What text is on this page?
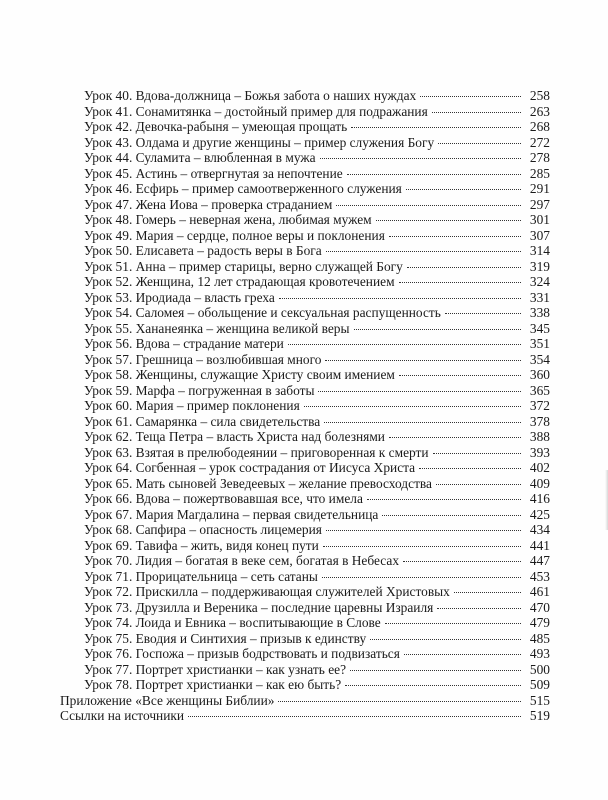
Урок 40. Вдова-должница – Божья забота о наших нуждах	258
Урок 41. Сонамитянка – достойный пример для подражания	263
Урок 42. Девочка-рабыня – умеющая прощать	268
Урок 43. Олдама и другие женщины – пример служения Богу	272
Урок 44. Суламита – влюбленная в мужа	278
Урок 45. Астинь – отвергнутая за непочтение	285
Урок 46. Есфирь – пример самоотверженного служения	291
Урок 47. Жена Иова – проверка страданием	297
Урок 48. Гомерь – неверная жена, любимая мужем	301
Урок 49. Мария – сердце, полное веры и поклонения	307
Урок 50. Елисавета – радость веры в Бога	314
Урок 51. Анна – пример старицы, верно служащей Богу	319
Урок 52. Женщина, 12 лет страдающая кровотечением	324
Урок 53. Иродиада – власть греха	331
Урок 54. Саломея – обольщение и сексуальная распущенность	338
Урок 55. Хананеянка – женщина великой веры	345
Урок 56. Вдова – страдание матери	351
Урок 57. Грешница – возлюбившая много	354
Урок 58. Женщины, служащие Христу своим имением	360
Урок 59. Марфа – погруженная в заботы	365
Урок 60. Мария – пример поклонения	372
Урок 61. Самарянка – сила свидетельства	378
Урок 62. Теща Петра – власть Христа над болезнями	388
Урок 63. Взятая в прелюбодеянии – приговоренная к смерти	393
Урок 64. Согбенная – урок сострадания от Иисуса Христа	402
Урок 65. Мать сыновей Зеведеевых – желание превосходства	409
Урок 66. Вдова – пожертвовавшая все, что имела	416
Урок 67. Мария Магдалина – первая свидетельница	425
Урок 68. Сапфира – опасность лицемерия	434
Урок 69. Тавифа – жить, видя конец пути	441
Урок 70. Лидия – богатая в веке сем, богатая в Небесах	447
Урок 71. Прорицательница – сеть сатаны	453
Урок 72. Прискилла – поддерживающая служителей Христовых	461
Урок 73. Друзилла и Вереника – последние царевны Израиля	470
Урок 74. Лоида и Евника – воспитывающие в Слове	479
Урок 75. Еводия и Синтихия – призыв к единству	485
Урок 76. Госпожа – призыв бодрствовать и подвизаться	493
Урок 77. Портрет христианки – как узнать ее?	500
Урок 78. Портрет христианки – как ею быть?	509
Приложение «Все женщины Библии»	515
Ссылки на источники	519
